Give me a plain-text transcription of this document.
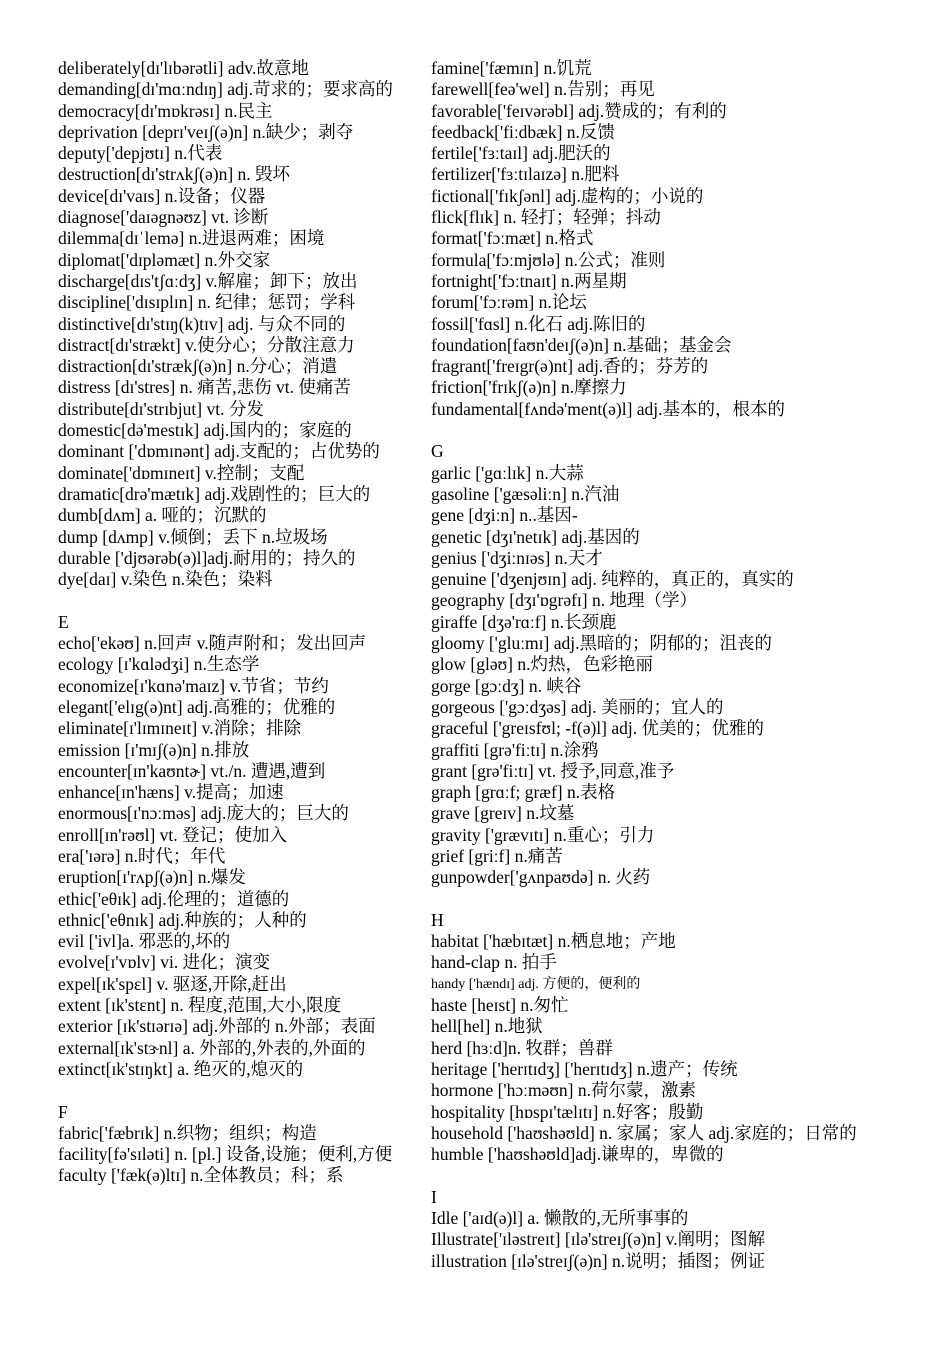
deliberately[dɪ'lɪbərətli] adv.故意地
demanding[dɪ'mɑːndɪŋ] adj.苛求的；要求高的
democracy[dɪ'mɒkrəsɪ] n.民主
deprivation [deprɪ'veɪʃ(ə)n] n.缺少；剥夺
deputy['depjʊtɪ] n.代表
destruction[dɪ'strʌkʃ(ə)n] n. 毁坏
device[dɪ'vaɪs] n.设备；仪器
diagnose['daɪəgnəʊz] vt. 诊断
dilemma[dɪˈlemə] n.进退两难；困境
diplomat['dɪpləmæt] n.外交家
discharge[dɪs'tʃɑːdʒ] v.解雇；卸下；放出
discipline['dɪsɪplɪn] n. 纪律；惩罚；学科
distinctive[dɪ'stɪŋ(k)tɪv] adj. 与众不同的
distract[dɪ'strækt] v.使分心；分散注意力
distraction[dɪ'strækʃ(ə)n] n.分心；消遣
distress [dɪ'stres] n. 痛苦,悲伤 vt. 使痛苦
distribute[dɪ'strɪbjut] vt. 分发
domestic[də'mestɪk] adj.国内的；家庭的
dominant ['dɒmɪnənt] adj.支配的；占优势的
dominate['dɒmɪneɪt] v.控制；支配
dramatic[drə'mætɪk] adj.戏剧性的；巨大的
dumb[dʌm] a. 哑的；沉默的
dump [dʌmp] v.倾倒；丢下 n.垃圾场
durable ['djʊərəb(ə)l]adj.耐用的；持久的
dye[daɪ] v.染色 n.染色；染料
E
echo['ekəʊ] n.回声 v.随声附和；发出回声
ecology [ɪ'kɑlədʒi] n.生态学
economize[ɪ'kɑnə'maɪz] v.节省；节约
elegant['elɪg(ə)nt] adj.高雅的；优雅的
eliminate[ɪ'lɪmɪneɪt] v.消除；排除
emission [ɪ'mɪʃ(ə)n] n.排放
encounter[ɪn'kaʊntɚ] vt./n. 遭遇,遭到
enhance[ɪn'hæns] v.提高；加速
enormous[ɪ'nɔːməs] adj.庞大的；巨大的
enroll[ɪn'rəʊl] vt. 登记；使加入
era['ɪərə] n.时代；年代
eruption[ɪ'rʌpʃ(ə)n] n.爆发
ethic['eθɪk] adj.伦理的；道德的
ethnic['eθnɪk] adj.种族的；人种的
evil ['ivl]a. 邪恶的,坏的
evolve[ɪ'vɒlv] vi. 进化；演变
expel[ɪk'spɛl] v. 驱逐,开除,赶出
extent [ɪk'stɛnt] n. 程度,范围,大小,限度
exterior [ɪk'stɪərɪə] adj.外部的 n.外部；表面
external[ɪk'stɝnl] a. 外部的,外表的,外面的
extinct[ɪk'stɪŋkt] a. 绝灭的,熄灭的
F
fabric['fæbrɪk] n.织物；组织；构造
facility[fə'sɪləti] n. [pl.] 设备,设施；便利,方便
faculty ['fæk(ə)ltɪ] n.全体教员；科；系
famine['fæmɪn] n.饥荒
farewell[feə'wel] n.告别；再见
favorable['feɪvərəbl] adj.赞成的；有利的
feedback['fiːdbæk] n.反馈
fertile['fɜːtaɪl] adj.肥沃的
fertilizer['fɜːtɪlaɪzə] n.肥料
fictional['fɪkʃənl] adj.虚构的；小说的
flick[flɪk] n. 轻打；轻弹；抖动
format['fɔːmæt] n.格式
formula['fɔːmjʊlə] n.公式；准则
fortnight['fɔːtnaɪt] n.两星期
forum['fɔːrəm] n.论坛
fossil['fɑsl] n.化石 adj.陈旧的
foundation[faʊn'deɪʃ(ə)n] n.基础；基金会
fragrant['freɪgr(ə)nt] adj.香的；芬芳的
friction['frɪkʃ(ə)n] n.摩擦力
fundamental[fʌndə'ment(ə)l] adj.基本的，根本的
G
garlic ['gɑːlɪk] n.大蒜
gasoline ['gæsəliːn] n.汽油
gene [dʒiːn] n..基因-
genetic [dʒɪ'netɪk] adj.基因的
genius ['dʒiːnɪəs] n.天才
genuine ['dʒenjʊɪn] adj. 纯粹的，真正的，真实的
geography [dʒɪ'ɒgrəfɪ] n. 地理（学）
giraffe [dʒə'rɑːf] n.长颈鹿
gloomy ['gluːmɪ] adj.黑暗的；阴郁的；沮丧的
glow [gləʊ] n.灼热，色彩艳丽
gorge [gɔːdʒ] n. 峡谷
gorgeous ['gɔːdʒəs] adj. 美丽的；宜人的
graceful ['greɪsfʊl; -f(ə)l] adj. 优美的；优雅的
graffiti [grə'fiːtɪ] n.涂鸦
grant [grə'fiːtɪ] vt. 授予,同意,准予
graph [grɑːf; græf] n.表格
grave [greɪv] n.坟墓
gravity ['grævɪtɪ] n.重心；引力
grief [griːf] n.痛苦
gunpowder['gʌnpaʊdə] n. 火药
H
habitat ['hæbɪtæt] n.栖息地；产地
hand-clap n. 拍手
handy ['hændɪ] adj. 方便的，便利的
haste [heɪst] n.匆忙
hell[hel] n.地狱
herd [hɜːd]n. 牧群；兽群
heritage ['herɪtɪdʒ] ['herɪtɪdʒ] n.遗产；传统
hormone ['hɔːməʊn] n.荷尔蒙，激素
hospitality [hɒspɪ'tælɪtɪ] n.好客；殷勤
household ['haʊshəʊld] n. 家属；家人 adj.家庭的；日常的
humble ['haʊshəʊld]adj.谦卑的，卑微的
I
Idle ['aɪd(ə)l] a. 懒散的,无所事事的
Illustrate['ɪləstreɪt] [ɪlə'streɪʃ(ə)n] v.阐明；图解
illustration [ɪlə'streɪʃ(ə)n] n.说明；插图；例证
